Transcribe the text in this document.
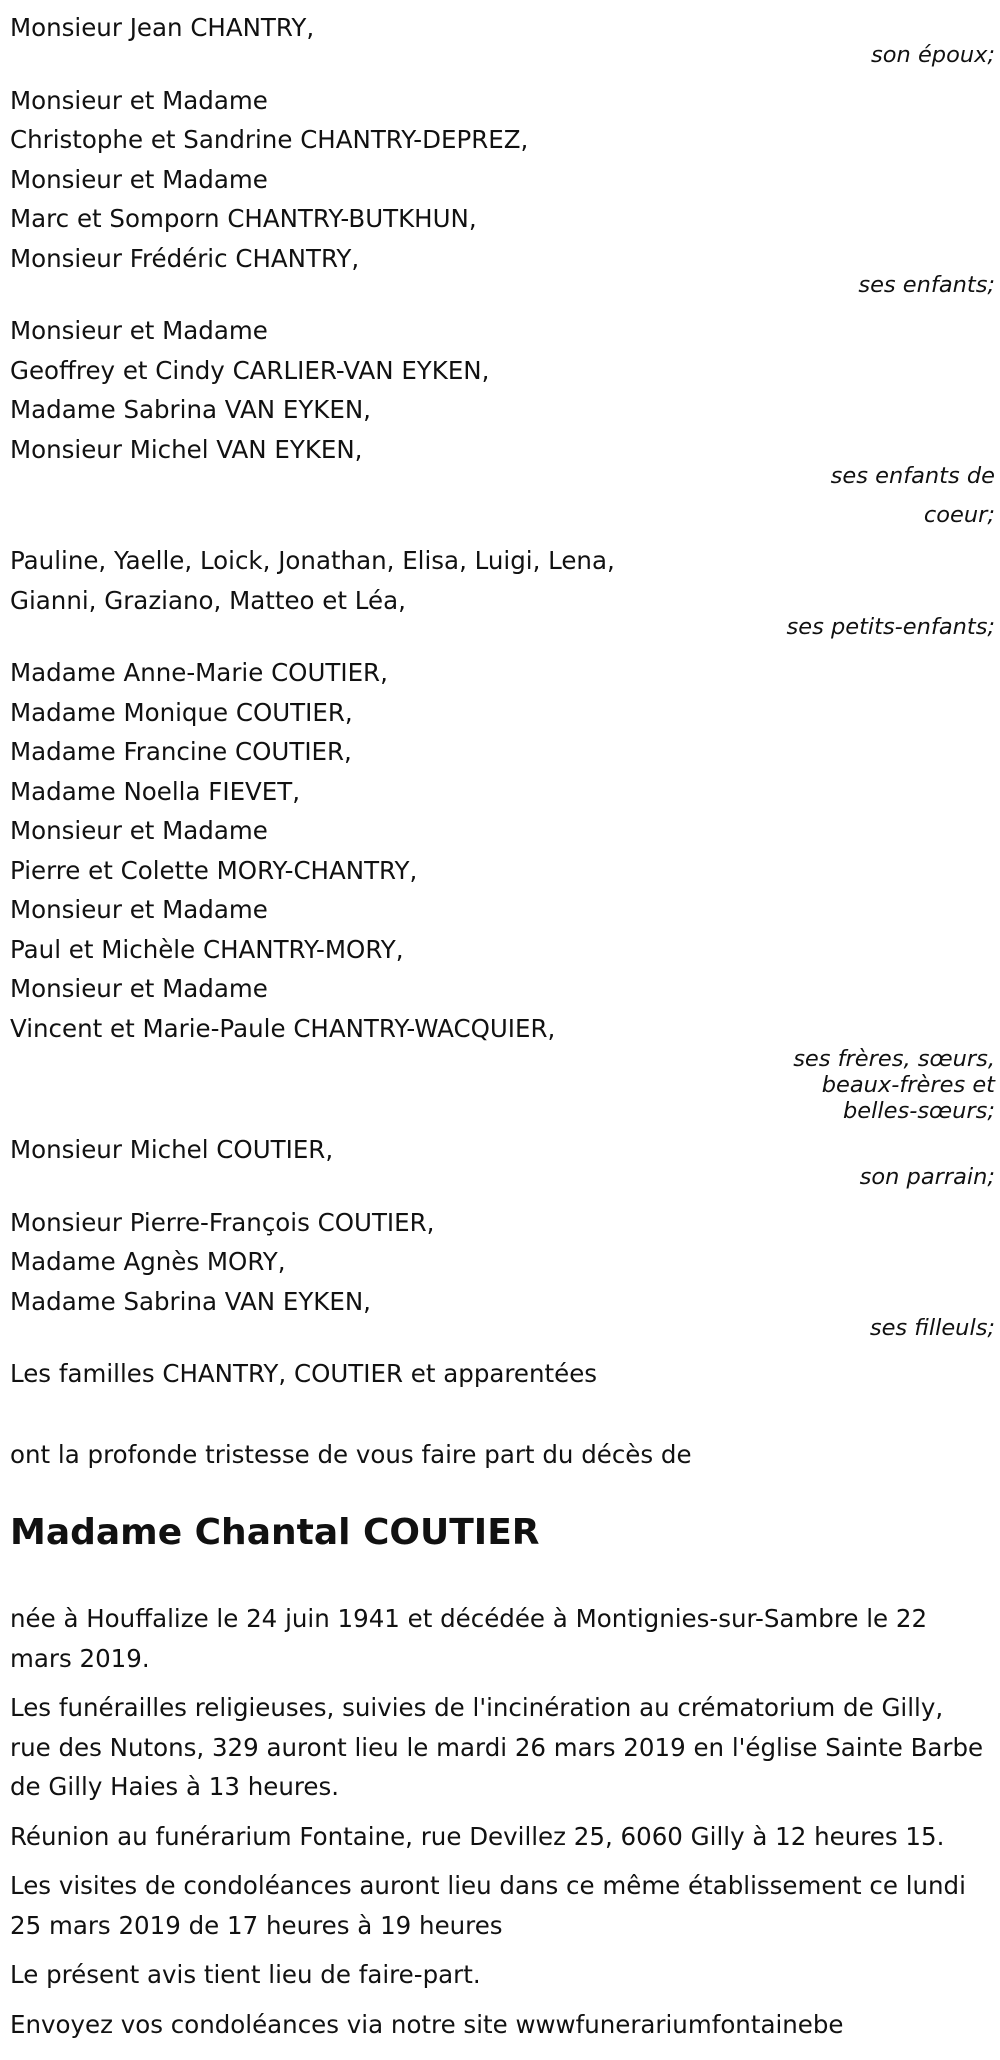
Monsieur Jean CHANTRY,
son époux;
Monsieur et Madame
Christophe et Sandrine CHANTRY-DEPREZ,
Monsieur et Madame
Marc et Somporn CHANTRY-BUTKHUN,
Monsieur Frédéric CHANTRY,
ses enfants;
Monsieur et Madame
Geoffrey et Cindy CARLIER-VAN EYKEN,
Madame Sabrina VAN EYKEN,
Monsieur Michel VAN EYKEN,
ses enfants de
coeur;
Pauline, Yaelle, Loick, Jonathan, Elisa, Luigi, Lena,
Gianni, Graziano, Matteo et Léa,
ses petits-enfants;
Madame Anne-Marie COUTIER,
Madame Monique COUTIER,
Madame Francine COUTIER,
Madame Noella FIEVET,
Monsieur et Madame
Pierre et Colette MORY-CHANTRY,
Monsieur et Madame
Paul et Michèle CHANTRY-MORY,
Monsieur et Madame
Vincent et Marie-Paule CHANTRY-WACQUIER,
ses frères, sœurs,
beaux-frères et
belles-sœurs;
Monsieur Michel COUTIER,
son parrain;
Monsieur Pierre-François COUTIER,
Madame Agnès MORY,
Madame Sabrina VAN EYKEN,
ses filleuls;
Les familles CHANTRY, COUTIER et apparentées
ont la profonde tristesse de vous faire part du décès de
Madame Chantal COUTIER
née à Houffalize le 24 juin 1941 et décédée à Montignies-sur-Sambre le 22 mars 2019.
Les funérailles religieuses, suivies de l'incinération au crématorium de Gilly, rue des Nutons, 329 auront lieu le mardi 26 mars 2019 en l'église Sainte Barbe de Gilly Haies à 13 heures.
Réunion au funérarium Fontaine, rue Devillez 25, 6060 Gilly à 12 heures 15.
Les visites de condoléances auront lieu dans ce même établissement ce lundi 25 mars 2019 de 17 heures à 19 heures
Le présent avis tient lieu de faire-part.
Envoyez vos condoléances via notre site wwwfunerariumfontainebe
